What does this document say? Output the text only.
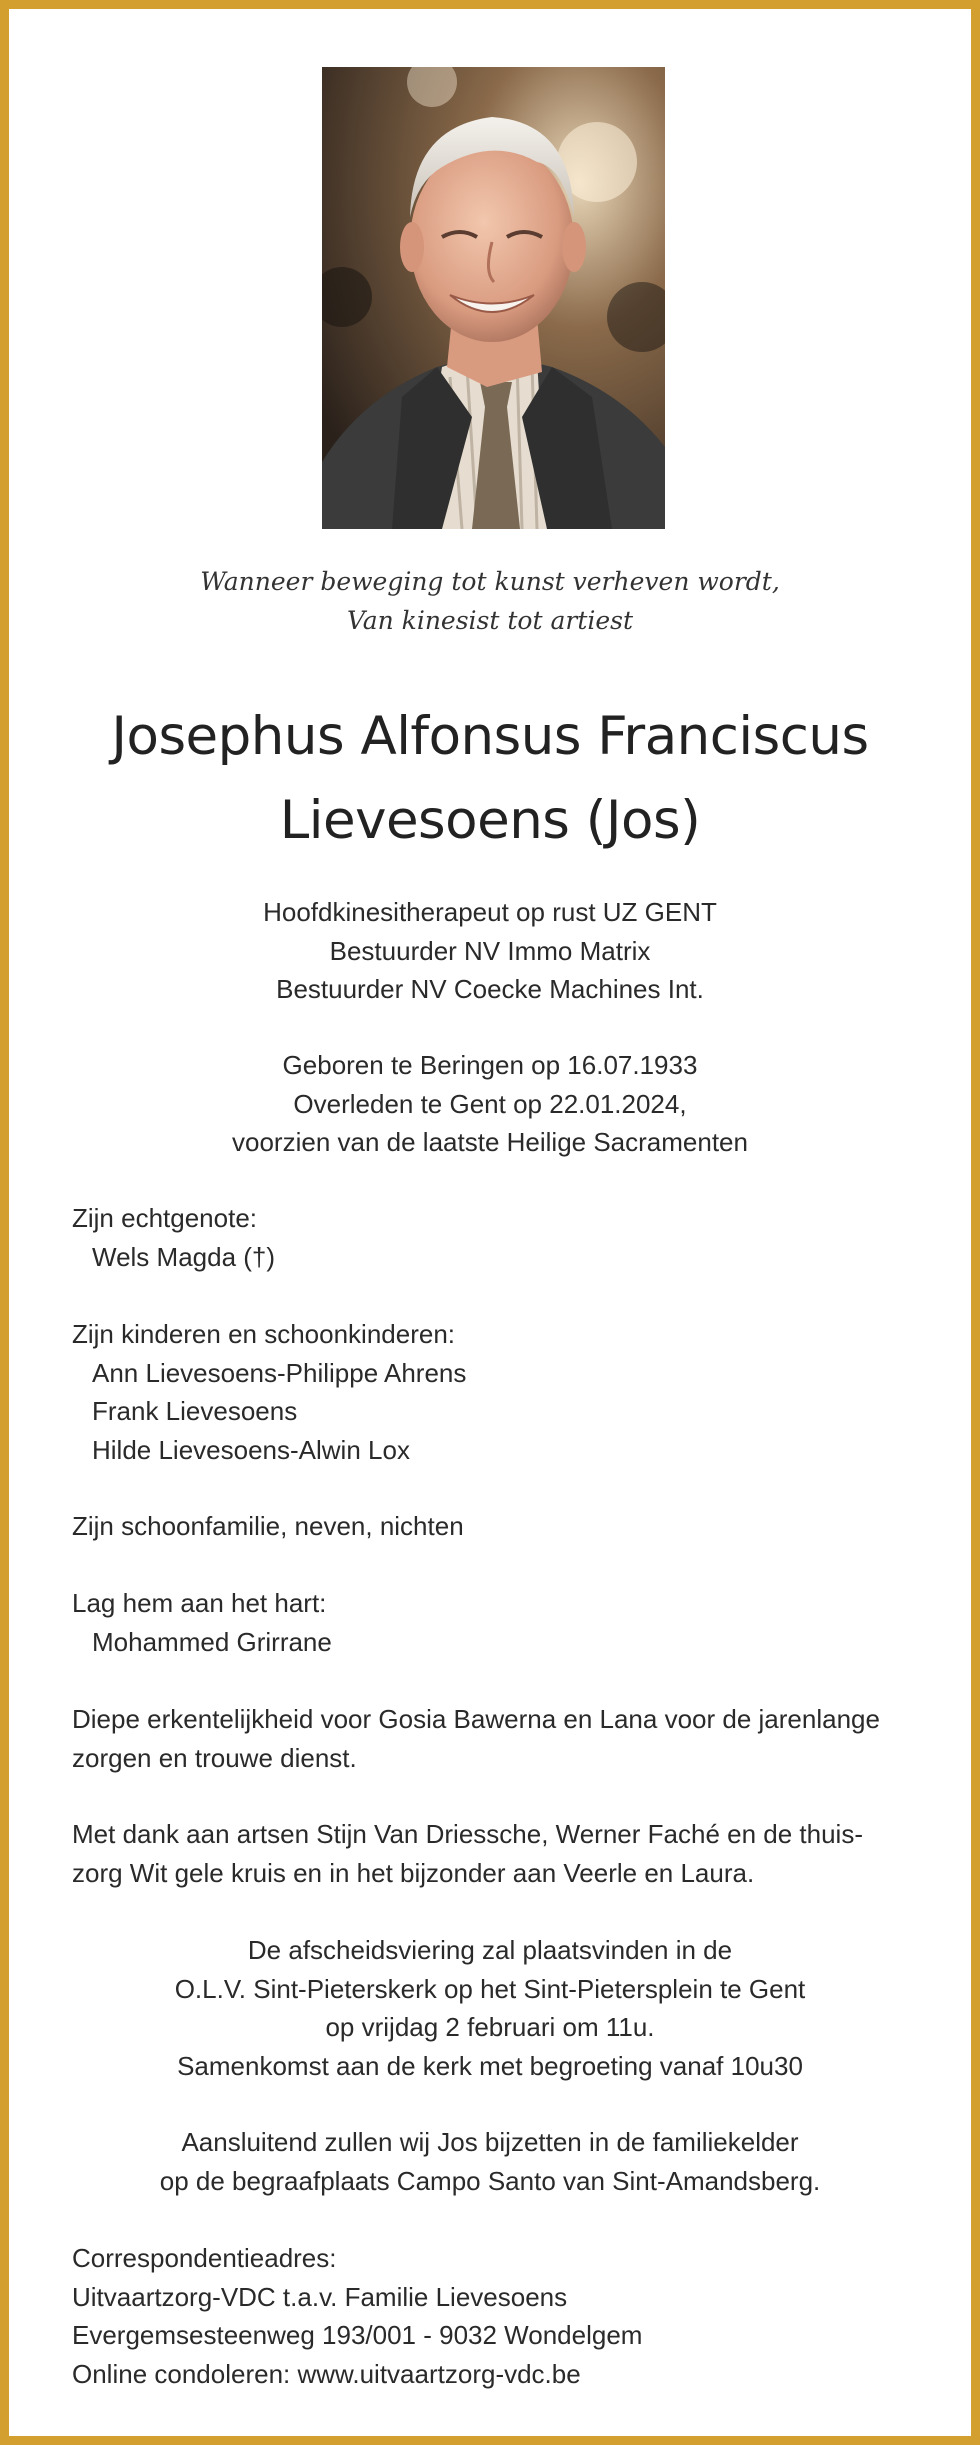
Wanneer beweging tot kunst verheven wordt,
Van kinesist tot artiest
Josephus Alfonsus Franciscus
Lievesoens (Jos)
Hoofdkinesitherapeut op rust UZ GENT
Bestuurder NV Immo Matrix
Bestuurder NV Coecke Machines Int.
Geboren te Beringen op 16.07.1933
Overleden te Gent op 22.01.2024,
voorzien van de laatste Heilige Sacramenten
Zijn echtgenote:
Wels Magda (†)
Zijn kinderen en schoonkinderen:
Ann Lievesoens-Philippe Ahrens
Frank Lievesoens
Hilde Lievesoens-Alwin Lox
Zijn schoonfamilie, neven, nichten
Lag hem aan het hart:
Mohammed Grirrane
Diepe erkentelijkheid voor Gosia Bawerna en Lana voor de jarenlange
zorgen en trouwe dienst.
Met dank aan artsen Stijn Van Driessche, Werner Faché en de thuis-
zorg Wit gele kruis en in het bijzonder aan Veerle en Laura.
De afscheidsviering zal plaatsvinden in de
O.L.V. Sint-Pieterskerk op het Sint-Pietersplein te Gent
op vrijdag 2 februari om 11u.
Samenkomst aan de kerk met begroeting vanaf 10u30
Aansluitend zullen wij Jos bijzetten in de familiekelder
op de begraafplaats Campo Santo van Sint-Amandsberg.
Correspondentieadres:
Uitvaartzorg-VDC t.a.v. Familie Lievesoens
Evergemsesteenweg 193/001 - 9032 Wondelgem
Online condoleren: www.uitvaartzorg-vdc.be
